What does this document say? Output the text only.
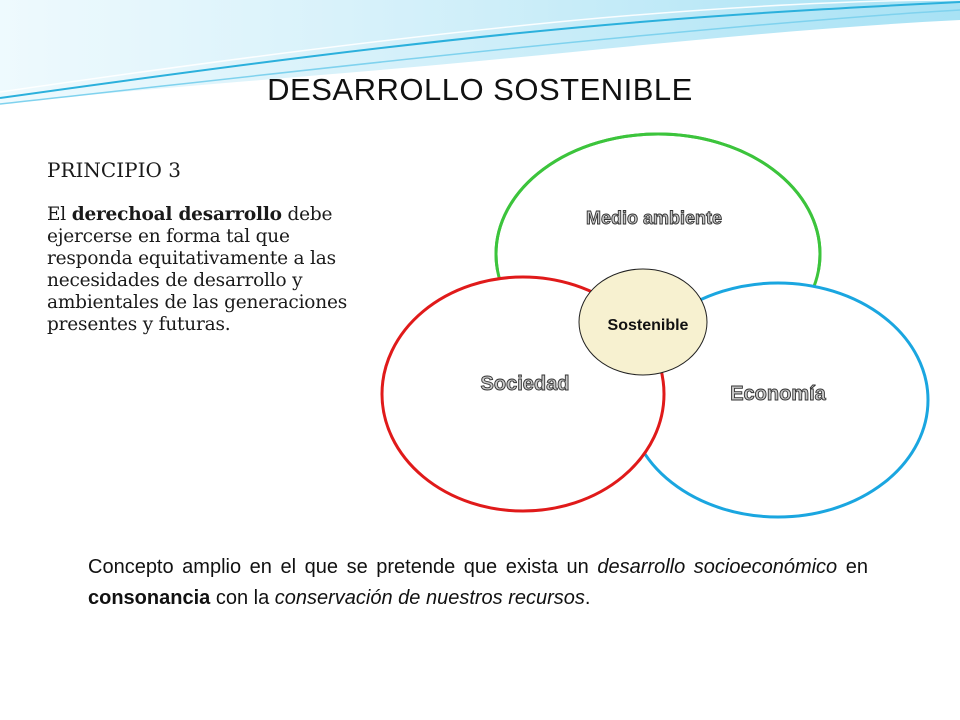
DESARROLLO SOSTENIBLE

PRINCIPIO 3

El derechoal desarrollo debe ejercerse en forma tal que responda equitativamente a las necesidades de desarrollo y ambientales de las generaciones presentes y futuras.

Medio ambiente
Sociedad	Economía
Sostenible
Concepto amplio en el que se pretende que exista un desarrollo socioeconómico en consonancia con la conservación de nuestros recursos.
